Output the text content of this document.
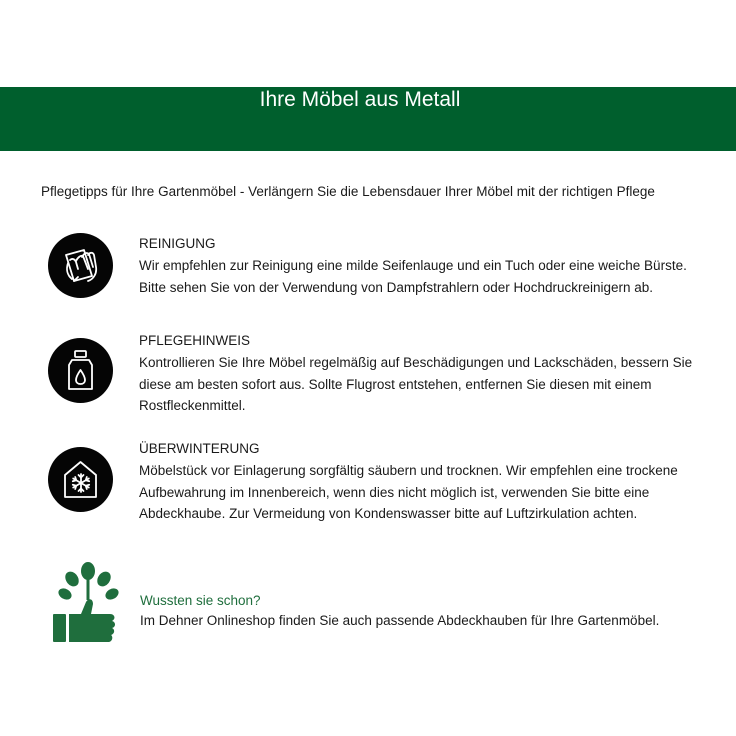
Ihre Möbel aus Metall
Pflegetipps für Ihre Gartenmöbel - Verlängern Sie die Lebensdauer Ihrer Möbel mit der richtigen Pflege
REINIGUNG
Wir empfehlen zur Reinigung eine milde Seifenlauge und ein Tuch oder eine weiche Bürste.
Bitte sehen Sie von der Verwendung von Dampfstrahlern oder Hochdruckreinigern ab.
PFLEGEHINWEIS
Kontrollieren Sie Ihre Möbel regelmäßig auf Beschädigungen und Lackschäden, bessern Sie
diese am besten sofort aus. Sollte Flugrost entstehen, entfernen Sie diesen mit einem
Rostfleckenmittel.
ÜBERWINTERUNG
Möbelstück vor Einlagerung sorgfältig säubern und trocknen. Wir empfehlen eine trockene
Aufbewahrung im Innenbereich, wenn dies nicht möglich ist, verwenden Sie bitte eine
Abdeckhaube. Zur Vermeidung von Kondenswasser bitte auf Luftzirkulation achten.
Wussten sie schon?
Im Dehner Onlineshop finden Sie auch passende Abdeckhauben für Ihre Gartenmöbel.
